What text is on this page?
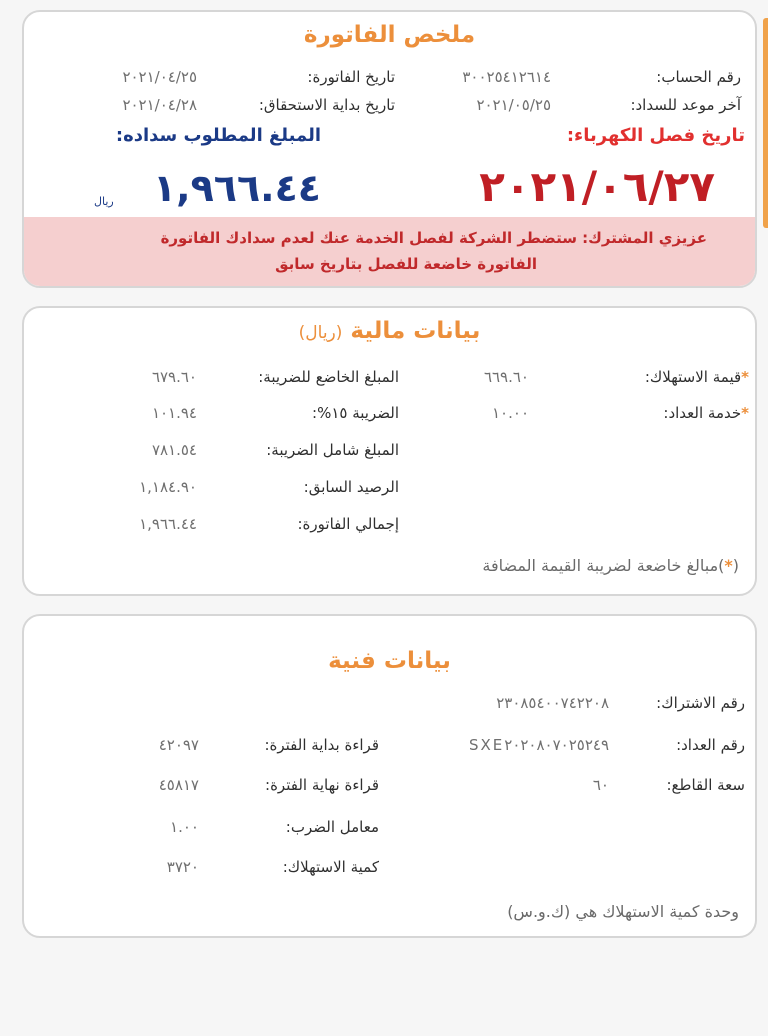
ملخص الفاتورة
رقم الحساب:
٣٠٠٢٥٤١٢٦١٤
تاريخ الفاتورة:
٢٠٢١/٠٤/٢٥
آخر موعد للسداد:
٢٠٢١/٠٥/٢٥
تاريخ بداية الاستحقاق:
٢٠٢١/٠٤/٢٨
تاريخ فصل الكهرباء:
المبلغ المطلوب سداده:
٢٠٢١/٠٦/٢٧
١,٩٦٦.٤٤
ريال
عزيزي المشترك: ستضطر الشركة لفصل الخدمة عنك لعدم سدادك الفاتورة
الفاتورة خاضعة للفصل بتاريخ سابق
بيانات مالية (ريال)
*قيمة الاستهلاك:
٦٦٩.٦٠
*خدمة العداد:
١٠.٠٠
المبلغ الخاضع للضريبة:
٦٧٩.٦٠
الضريبة ١٥%:
١٠١.٩٤
المبلغ شامل الضريبة:
٧٨١.٥٤
الرصيد السابق:
١,١٨٤.٩٠
إجمالي الفاتورة:
١,٩٦٦.٤٤
(*)مبالغ خاضعة لضريبة القيمة المضافة
بيانات فنية
رقم الاشتراك:
٢٣٠٨٥٤٠٠٧٤٢٢٠٨
رقم العداد:
SXE٢٠٢٠٨٠٧٠٢٥٢٤٩
قراءة بداية الفترة:
٤٢٠٩٧
سعة القاطع:
٦٠
قراءة نهاية الفترة:
٤٥٨١٧
معامل الضرب:
١.٠٠
كمية الاستهلاك:
٣٧٢٠
وحدة كمية الاستهلاك هي (ك.و.س)
